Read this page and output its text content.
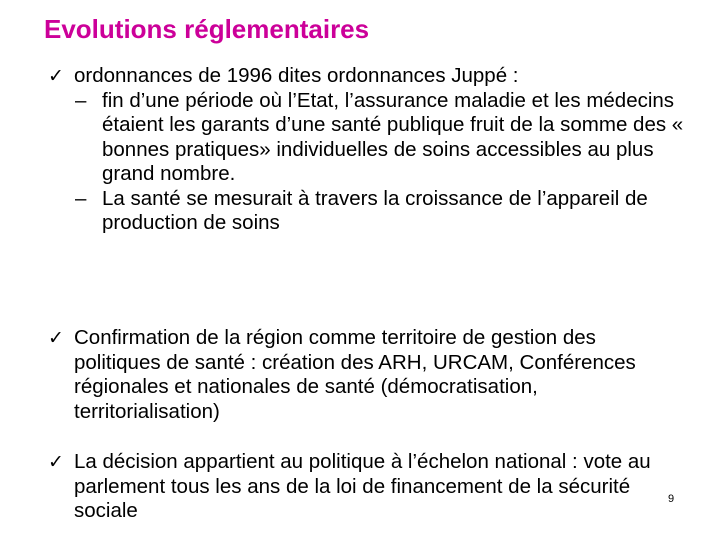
Evolutions réglementaires
✓ ordonnances de 1996 dites ordonnances Juppé :
– fin d’une période où l’Etat, l’assurance maladie et les médecins étaient les garants d’une santé publique fruit de la somme des « bonnes pratiques» individuelles de soins accessibles au plus grand nombre.
– La santé se mesurait à travers la croissance de l’appareil de production de soins
✓ Confirmation de la région comme territoire de gestion des politiques de santé : création des ARH, URCAM, Conférences régionales et nationales de santé (démocratisation, territorialisation)
✓ La décision appartient au politique à l’échelon national : vote au parlement tous les ans de la loi de financement de la sécurité sociale	9
